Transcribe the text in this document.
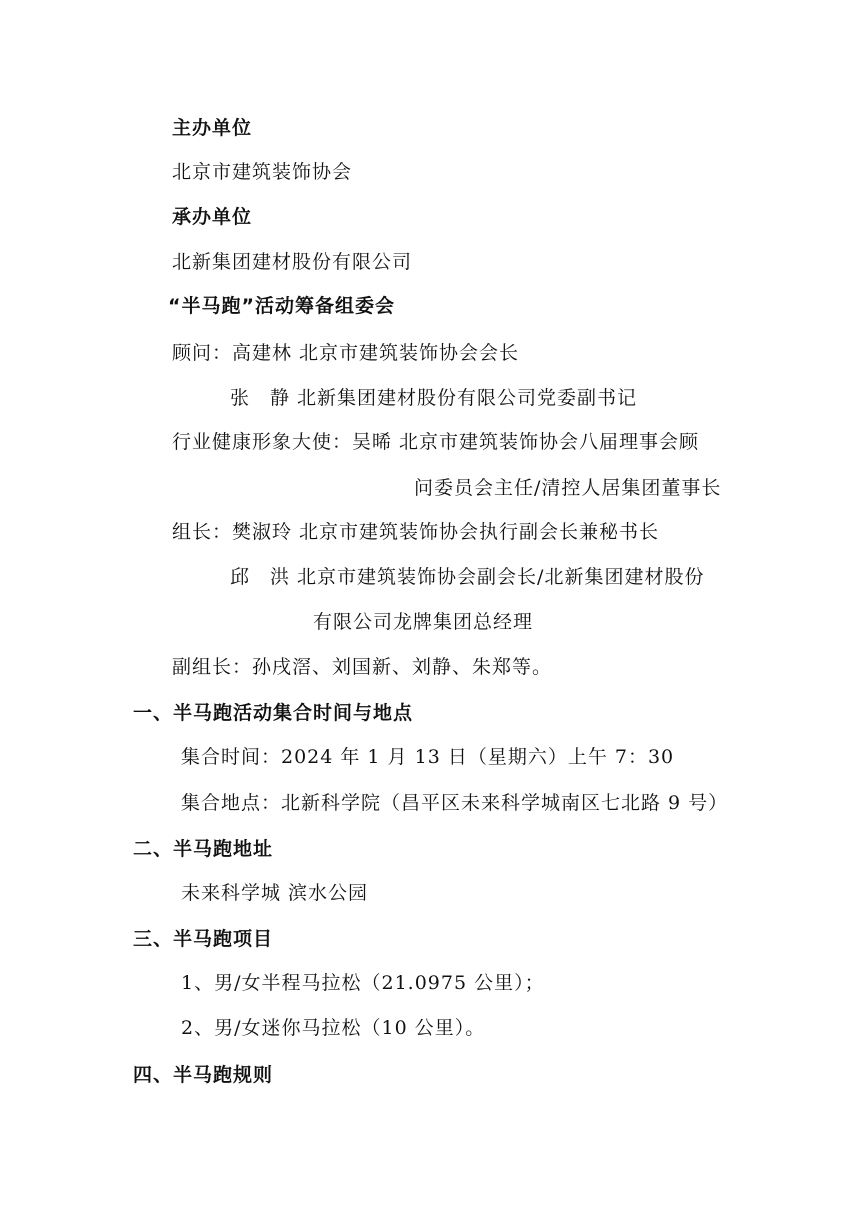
主办单位
北京市建筑装饰协会
承办单位
北新集团建材股份有限公司
“半马跑”活动筹备组委会
顾问：高建林 北京市建筑装饰协会会长
张　静 北新集团建材股份有限公司党委副书记
行业健康形象大使：吴晞 北京市建筑装饰协会八届理事会顾
问委员会主任/清控人居集团董事长
组长：樊淑玲 北京市建筑装饰协会执行副会长兼秘书长
邱　洪 北京市建筑装饰协会副会长/北新集团建材股份
有限公司龙牌集团总经理
副组长：孙戌滘、刘国新、刘静、朱郑等。
一、半马跑活动集合时间与地点
集合时间：2024 年 1 月 13 日（星期六）上午 7：30
集合地点：北新科学院（昌平区未来科学城南区七北路 9 号）
二、半马跑地址
未来科学城 滨水公园
三、半马跑项目
1、男/女半程马拉松（21.0975 公里）；
2、男/女迷你马拉松（10 公里）。
四、半马跑规则
